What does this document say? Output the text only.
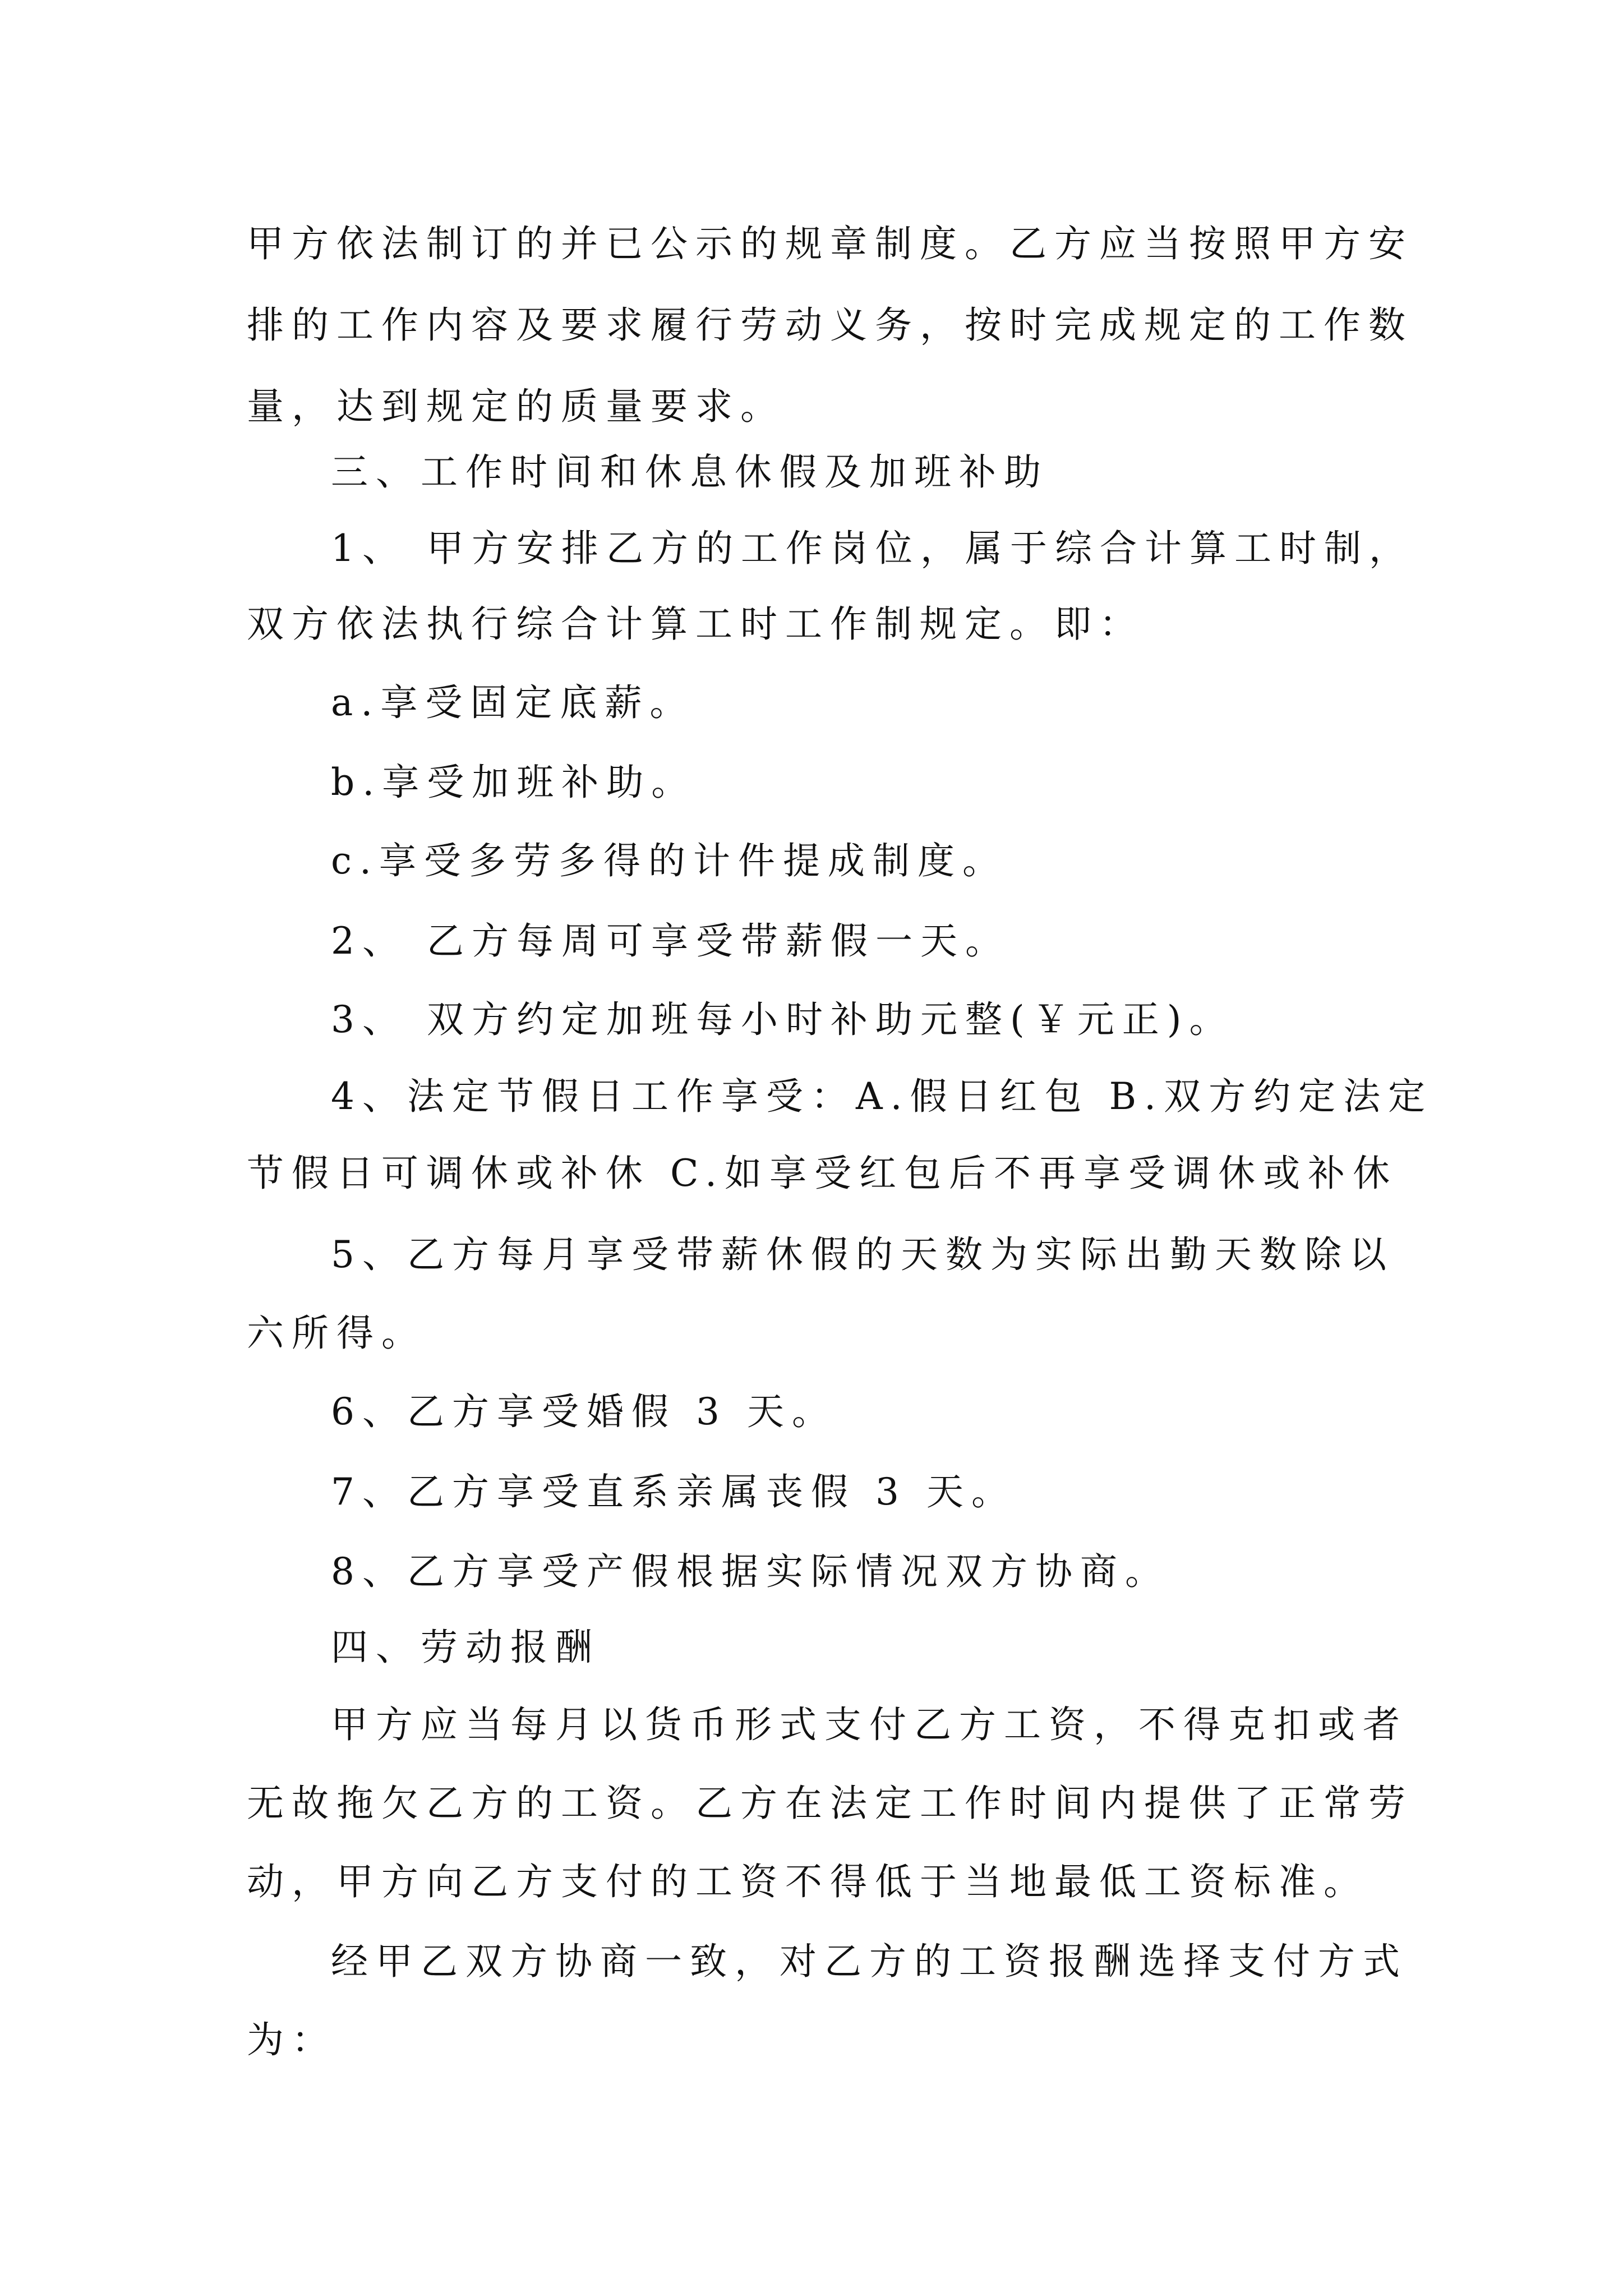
甲方依法制订的并已公示的规章制度。乙方应当按照甲方安
排的工作内容及要求履行劳动义务，按时完成规定的工作数
量，达到规定的质量要求。
三、工作时间和休息休假及加班补助
1、 甲方安排乙方的工作岗位，属于综合计算工时制，
双方依法执行综合计算工时工作制规定。即：
a.享受固定底薪。
b.享受加班补助。
c.享受多劳多得的计件提成制度。
2、 乙方每周可享受带薪假一天。
3、 双方约定加班每小时补助元整(￥元正)。
4、法定节假日工作享受：A.假日红包 B.双方约定法定
节假日可调休或补休 C.如享受红包后不再享受调休或补休
5、乙方每月享受带薪休假的天数为实际出勤天数除以
六所得。
6、乙方享受婚假 3 天。
7、乙方享受直系亲属丧假 3 天。
8、乙方享受产假根据实际情况双方协商。
四、劳动报酬
甲方应当每月以货币形式支付乙方工资，不得克扣或者
无故拖欠乙方的工资。乙方在法定工作时间内提供了正常劳
动，甲方向乙方支付的工资不得低于当地最低工资标准。
经甲乙双方协商一致，对乙方的工资报酬选择支付方式
为：
